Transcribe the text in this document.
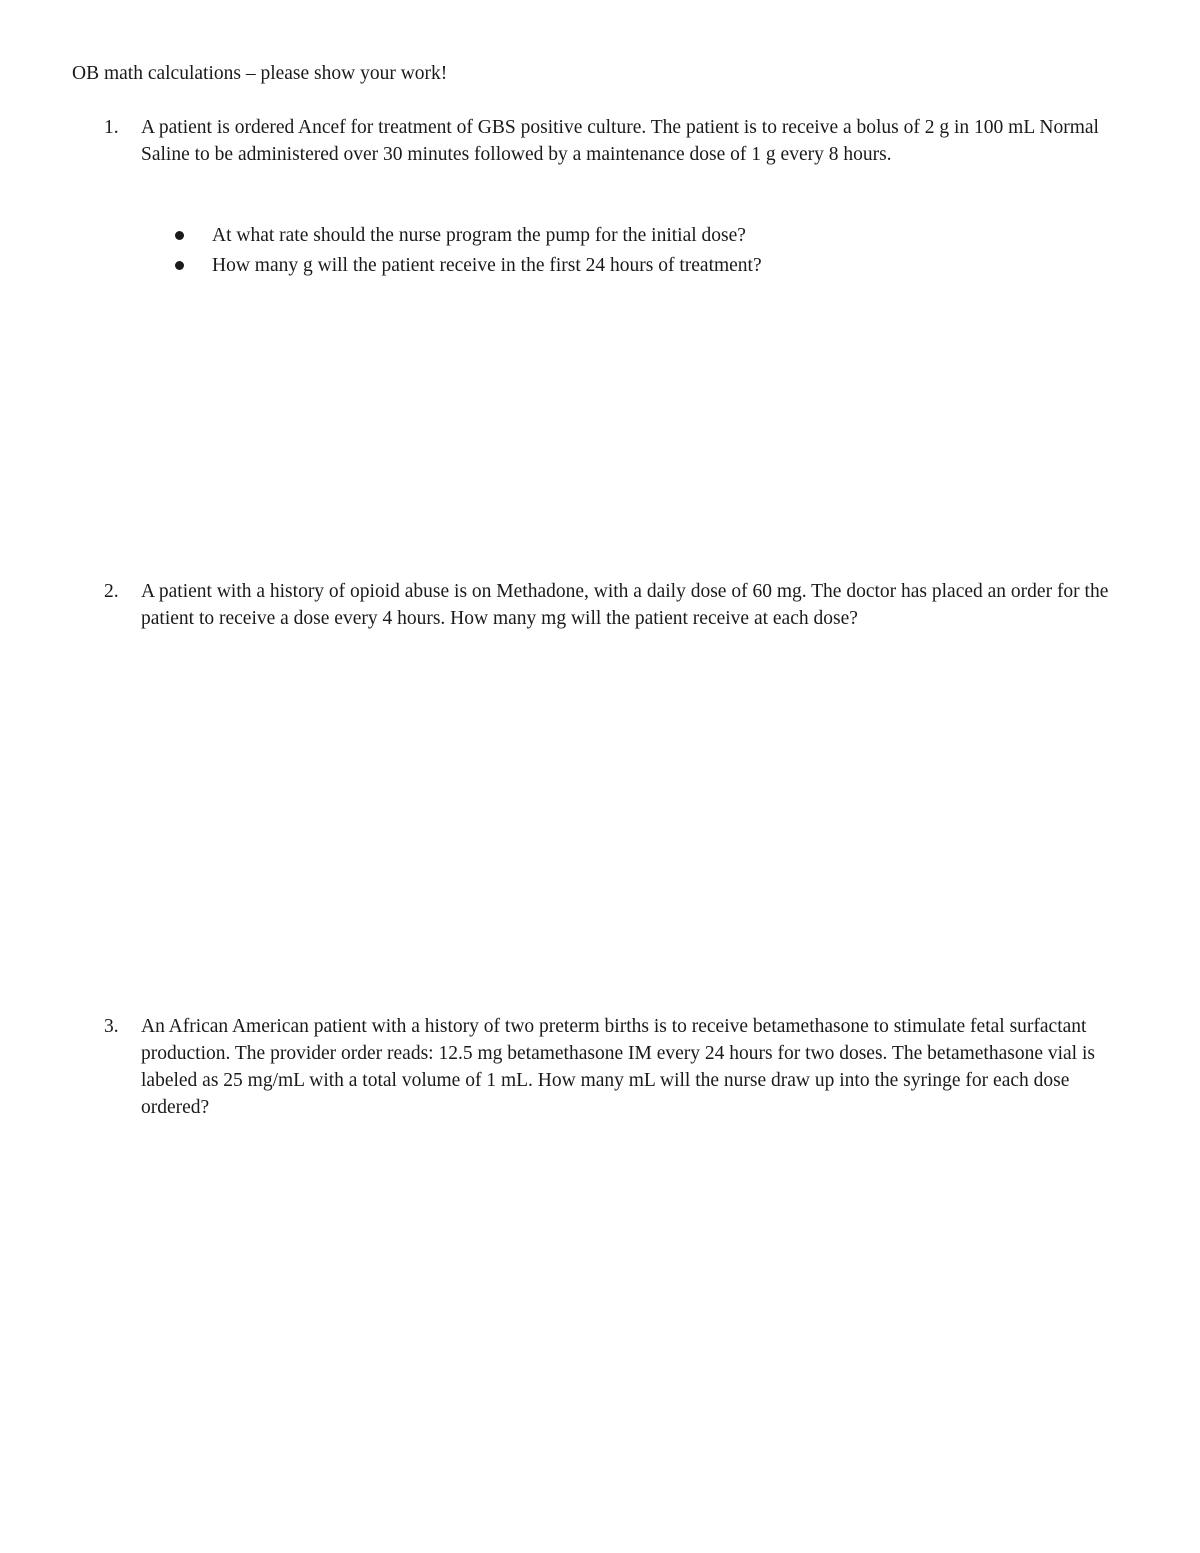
OB math calculations – please show your work!
1.	A patient is ordered Ancef for treatment of GBS positive culture. The patient is to receive a bolus of 2 g in 100 mL Normal Saline to be administered over 30 minutes followed by a maintenance dose of 1 g every 8 hours.
At what rate should the nurse program the pump for the initial dose?
How many g will the patient receive in the first 24 hours of treatment?
2.	A patient with a history of opioid abuse is on Methadone, with a daily dose of 60 mg. The doctor has placed an order for the patient to receive a dose every 4 hours. How many mg will the patient receive at each dose?
3.	An African American patient with a history of two preterm births is to receive betamethasone to stimulate fetal surfactant production. The provider order reads: 12.5 mg betamethasone IM every 24 hours for two doses. The betamethasone vial is labeled as 25 mg/mL with a total volume of 1 mL. How many mL will the nurse draw up into the syringe for each dose ordered?
